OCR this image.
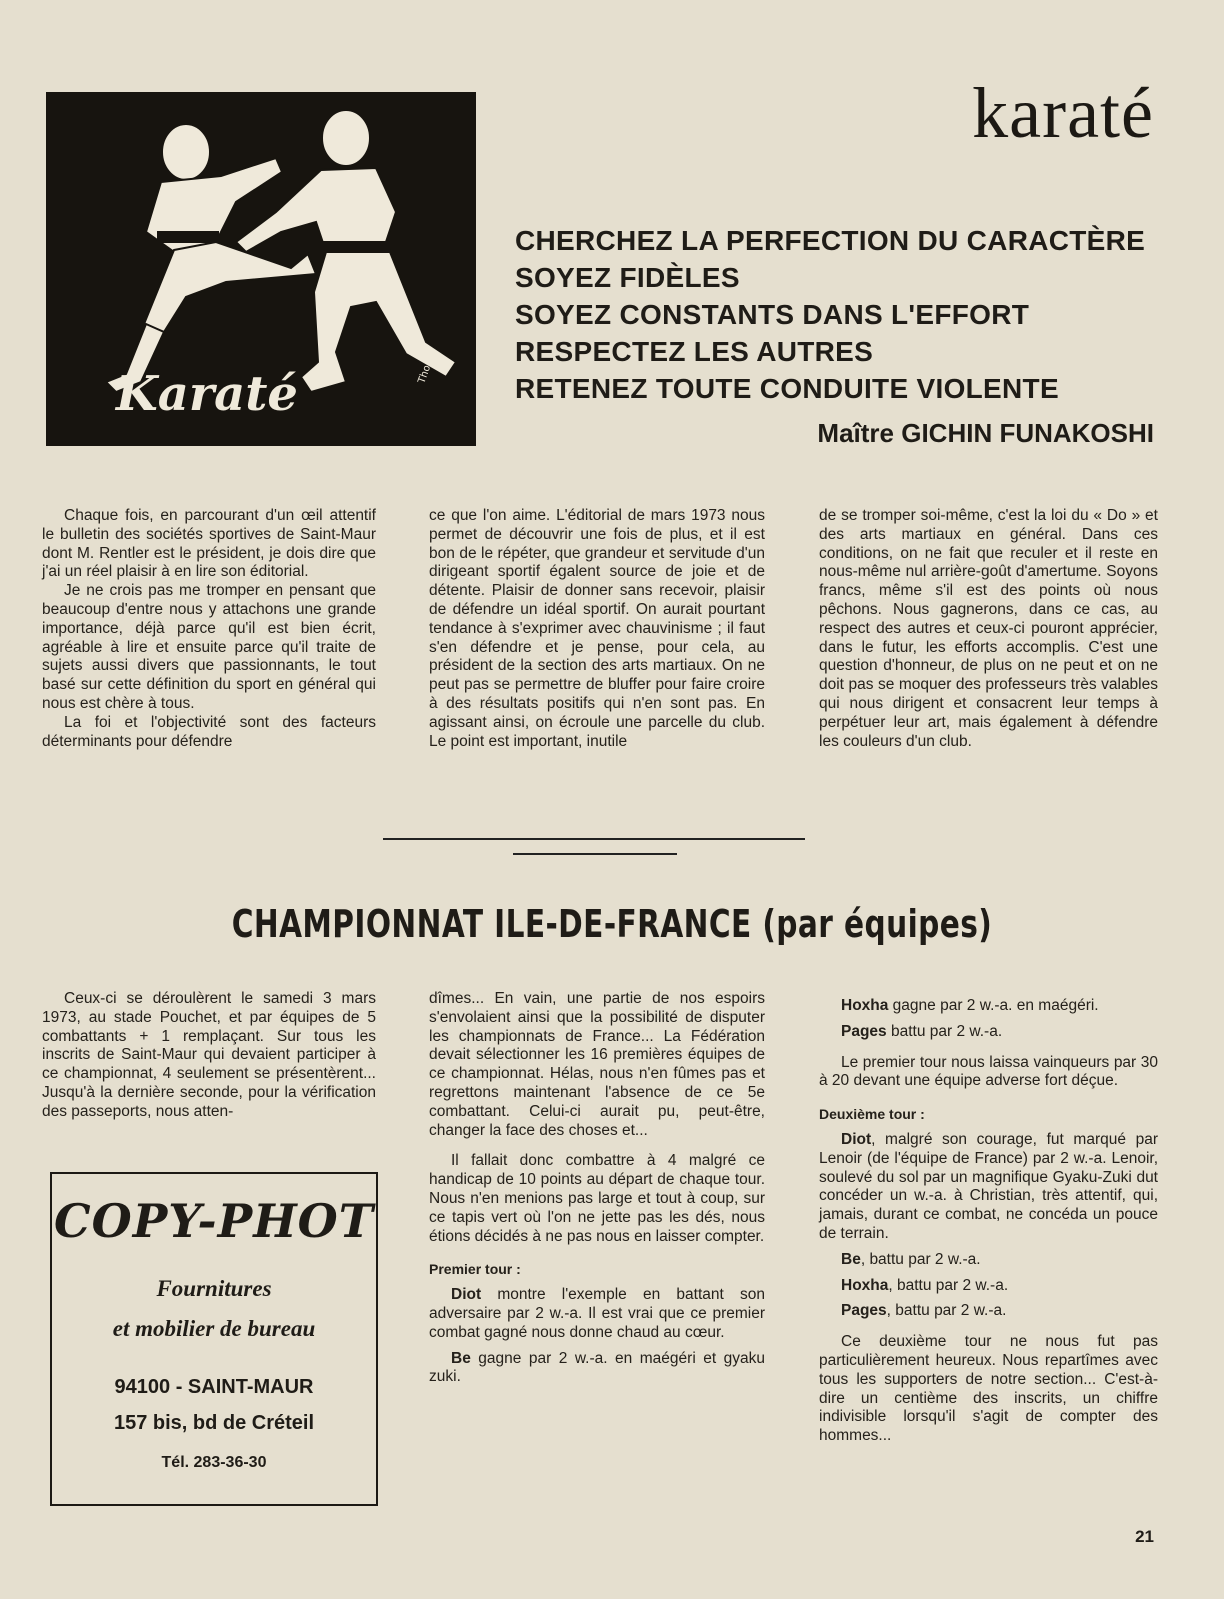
Karaté	Thoms
karaté
CHERCHEZ LA PERFECTION DU CARACTÈRE
SOYEZ FIDÈLES
SOYEZ CONSTANTS DANS L'EFFORT
RESPECTEZ LES AUTRES
RETENEZ TOUTE CONDUITE VIOLENTE
Maître GICHIN FUNAKOSHI

Chaque fois, en parcourant d'un œil attentif le bulletin des sociétés sportives de Saint-Maur dont M. Rentler est le président, je dois dire que j'ai un réel plaisir à en lire son éditorial.

Je ne crois pas me tromper en pensant que beaucoup d'entre nous y attachons une grande importance, déjà parce qu'il est bien écrit, agréable à lire et ensuite parce qu'il traite de sujets aussi divers que passionnants, le tout basé sur cette définition du sport en général qui nous est chère à tous.

La foi et l'objectivité sont des facteurs déterminants pour défendre

ce que l'on aime. L'éditorial de mars 1973 nous permet de découvrir une fois de plus, et il est bon de le répéter, que grandeur et servitude d'un dirigeant sportif égalent source de joie et de détente. Plaisir de donner sans recevoir, plaisir de défendre un idéal sportif. On aurait pourtant tendance à s'exprimer avec chauvinisme ; il faut s'en défendre et je pense, pour cela, au président de la section des arts martiaux. On ne peut pas se permettre de bluffer pour faire croire à des résultats positifs qui n'en sont pas. En agissant ainsi, on écroule une parcelle du club. Le point est important, inutile

de se tromper soi-même, c'est la loi du « Do » et des arts martiaux en général. Dans ces conditions, on ne fait que reculer et il reste en nous-même nul arrière-goût d'amertume. Soyons francs, même s'il est des points où nous pêchons. Nous gagnerons, dans ce cas, au respect des autres et ceux-ci pouront apprécier, dans le futur, les efforts accomplis. C'est une question d'honneur, de plus on ne peut et on ne doit pas se moquer des professeurs très valables qui nous dirigent et consacrent leur temps à perpétuer leur art, mais également à défendre les couleurs d'un club.

CHAMPIONNAT ILE-DE-FRANCE (par équipes)

Ceux-ci se déroulèrent le samedi 3 mars 1973, au stade Pouchet, et par équipes de 5 combattants + 1 remplaçant. Sur tous les inscrits de Saint-Maur qui devaient participer à ce championnat, 4 seulement se présentèrent... Jusqu'à la dernière seconde, pour la vérification des passeports, nous atten-

COPY-PHOT
Fournitures
et mobilier de bureau
94100 - SAINT-MAUR
157 bis, bd de Créteil
Tél. 283-36-30

dîmes... En vain, une partie de nos espoirs s'envolaient ainsi que la possibilité de disputer les championnats de France... La Fédération devait sélectionner les 16 premières équipes de ce championnat. Hélas, nous n'en fûmes pas et regrettons maintenant l'absence de ce 5e combattant. Celui-ci aurait pu, peut-être, changer la face des choses et...

Il fallait donc combattre à 4 malgré ce handicap de 10 points au départ de chaque tour. Nous n'en menions pas large et tout à coup, sur ce tapis vert où l'on ne jette pas les dés, nous étions décidés à ne pas nous en laisser compter.

Premier tour :

Diot montre l'exemple en battant son adversaire par 2 w.-a. Il est vrai que ce premier combat gagné nous donne chaud au cœur.

Be gagne par 2 w.-a. en maégéri et gyaku zuki.

Hoxha gagne par 2 w.-a. en maégéri.

Pages battu par 2 w.-a.

Le premier tour nous laissa vainqueurs par 30 à 20 devant une équipe adverse fort déçue.

Deuxième tour :

Diot, malgré son courage, fut marqué par Lenoir (de l'équipe de France) par 2 w.-a. Lenoir, soulevé du sol par un magnifique Gyaku-Zuki dut concéder un w.-a. à Christian, très attentif, qui, jamais, durant ce combat, ne concéda un pouce de terrain.

Be, battu par 2 w.-a.

Hoxha, battu par 2 w.-a.

Pages, battu par 2 w.-a.

Ce deuxième tour ne nous fut pas particulièrement heureux. Nous repartîmes avec tous les supporters de notre section... C'est-à-dire un centième des inscrits, un chiffre indivisible lorsqu'il s'agit de compter des hommes...

21
